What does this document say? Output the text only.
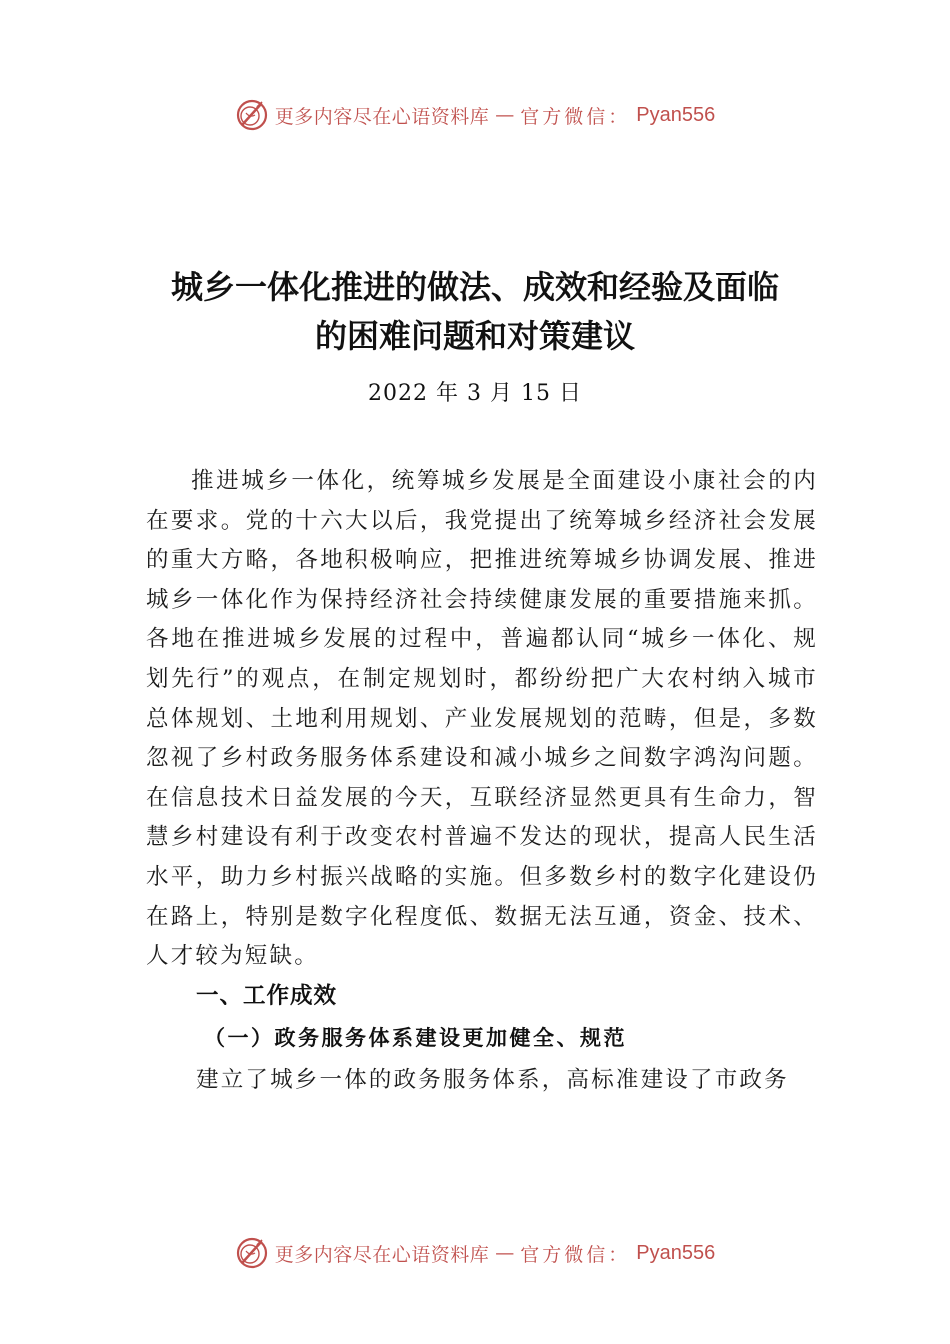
更多内容尽在心语资料库 — 官方微信： Pyan556
城乡一体化推进的做法、成效和经验及面临
的困难问题和对策建议
2022 年 3 月 15 日

推进城乡一体化，统筹城乡发展是全面建设小康社会的内在要求。党的十六大以后，我党提出了统筹城乡经济社会发展的重大方略，各地积极响应，把推进统筹城乡协调发展、推进城乡一体化作为保持经济社会持续健康发展的重要措施来抓。各地在推进城乡发展的过程中，普遍都认同“城乡一体化、规划先行”的观点，在制定规划时，都纷纷把广大农村纳入城市总体规划、土地利用规划、产业发展规划的范畴，但是，多数忽视了乡村政务服务体系建设和减小城乡之间数字鸿沟问题。在信息技术日益发展的今天，互联经济显然更具有生命力，智慧乡村建设有利于改变农村普遍不发达的现状，提高人民生活水平，助力乡村振兴战略的实施。但多数乡村的数字化建设仍在路上，特别是数字化程度低、数据无法互通，资金、技术、人才较为短缺。

一、工作成效
（一）政务服务体系建设更加健全、规范
建立了城乡一体的政务服务体系，高标准建设了市政务
更多内容尽在心语资料库 — 官方微信： Pyan556
